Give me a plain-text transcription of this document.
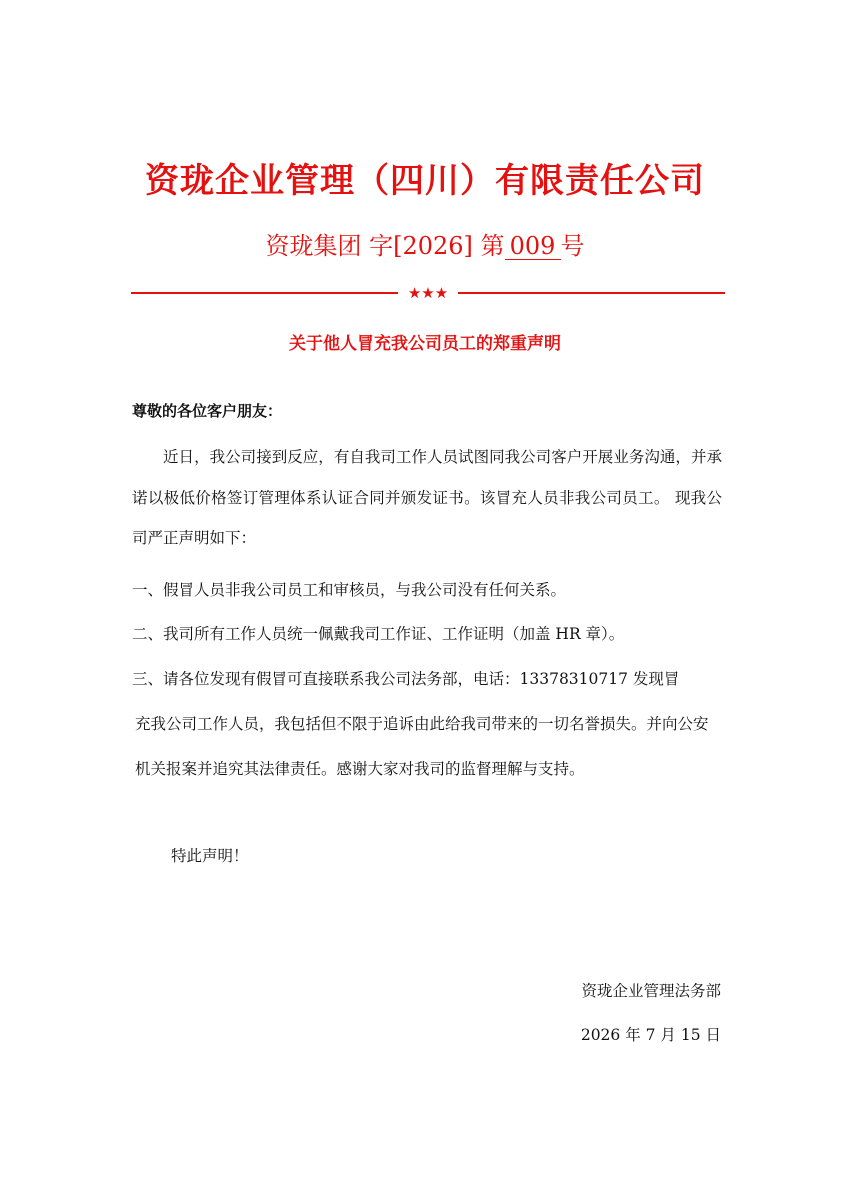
资珑企业管理（四川）有限责任公司
资珑集团 字[2026] 第 009 号
★★★
关于他人冒充我公司员工的郑重声明
尊敬的各位客户朋友：
近日，我公司接到反应，有自我司工作人员试图同我公司客户开展业务沟通，并承诺以极低价格签订管理体系认证合同并颁发证书。该冒充人员非我公司员工。 现我公司严正声明如下：
一、假冒人员非我公司员工和审核员，与我公司没有任何关系。
二、我司所有工作人员统一佩戴我司工作证、工作证明（加盖 HR 章）。
三、请各位发现有假冒可直接联系我公司法务部，电话：13378310717 发现冒
充我公司工作人员，我包括但不限于追诉由此给我司带来的一切名誉损失。并向公安机关报案并追究其法律责任。感谢大家对我司的监督理解与支持。
特此声明！
资珑企业管理法务部
2026 年 7 月 15 日
